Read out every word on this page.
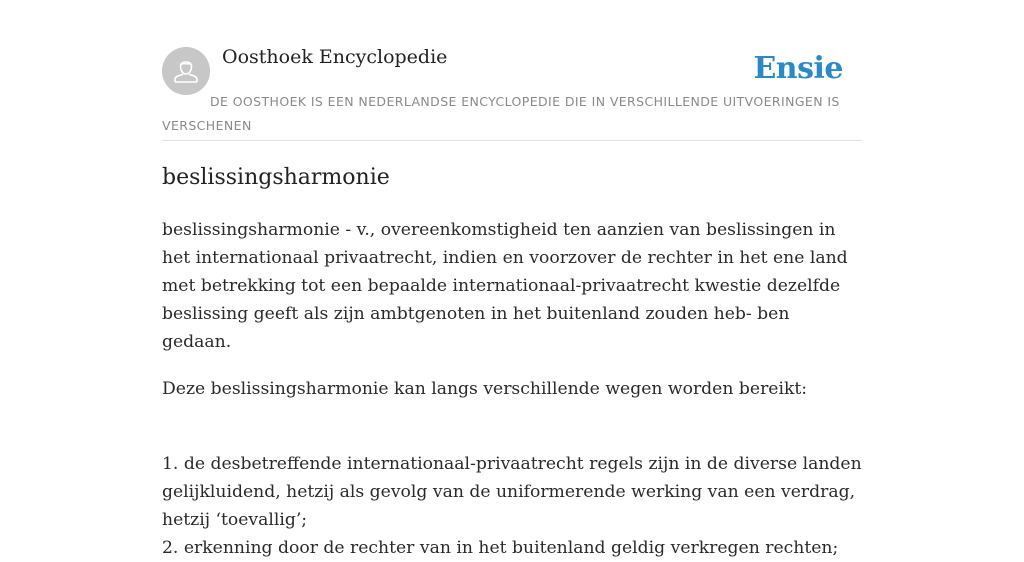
Oosthoek Encyclopedie	Ensie
DE OOSTHOEK IS EEN NEDERLANDSE ENCYCLOPEDIE DIE IN VERSCHILLENDE UITVOERINGEN IS VERSCHENEN
beslissingsharmonie

beslissingsharmonie - v., overeenkomstigheid ten aanzien van beslissingen in het internationaal privaatrecht, indien en voorzover de rechter in het ene land met betrekking tot een bepaalde internationaal-privaatrecht kwestie dezelfde beslissing geeft als zijn ambtgenoten in het buitenland zouden heb- ben gedaan.

Deze beslissingsharmonie kan langs verschillende wegen worden bereikt:

1. de desbetreffende internationaal-privaatrecht regels zijn in de diverse landen gelijkluidend, hetzij als gevolg van de uniformerende werking van een verdrag, hetzij ‘toevallig’;
2. erkenning door de rechter van in het buitenland geldig verkregen rechten;
